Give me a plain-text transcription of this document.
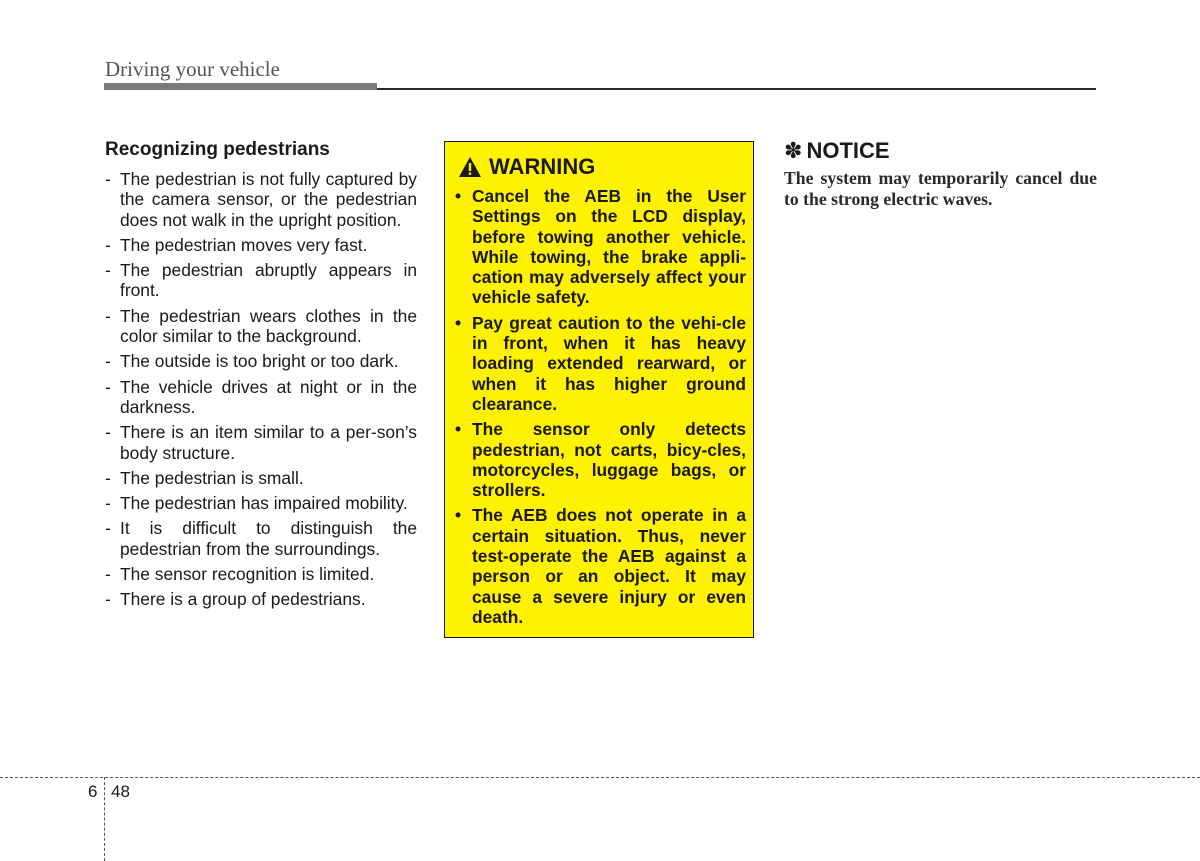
Driving your vehicle
Recognizing pedestrians
- The pedestrian is not fully captured by the camera sensor, or the pedestrian does not walk in the upright position.
- The pedestrian moves very fast.
- The pedestrian abruptly appears in front.
- The pedestrian wears clothes in the color similar to the background.
- The outside is too bright or too dark.
- The vehicle drives at night or in the darkness.
- There is an item similar to a per-son’s body structure.
- The pedestrian is small.
- The pedestrian has impaired mobility.
- It is difficult to distinguish the pedestrian from the surroundings.
- The sensor recognition is limited.
- There is a group of pedestrians.
WARNING
• Cancel the AEB in the User Settings on the LCD display, before towing another vehicle. While towing, the brake appli-cation may adversely affect your vehicle safety.
• Pay great caution to the vehi-cle in front, when it has heavy loading extended rearward, or when it has higher ground clearance.
• The sensor only detects pedestrian, not carts, bicy-cles, motorcycles, luggage bags, or strollers.
• The AEB does not operate in a certain situation. Thus, never test-operate the AEB against a person or an object. It may cause a severe injury or even death.
✽ NOTICE
The system may temporarily cancel due to the strong electric waves.
6 48
